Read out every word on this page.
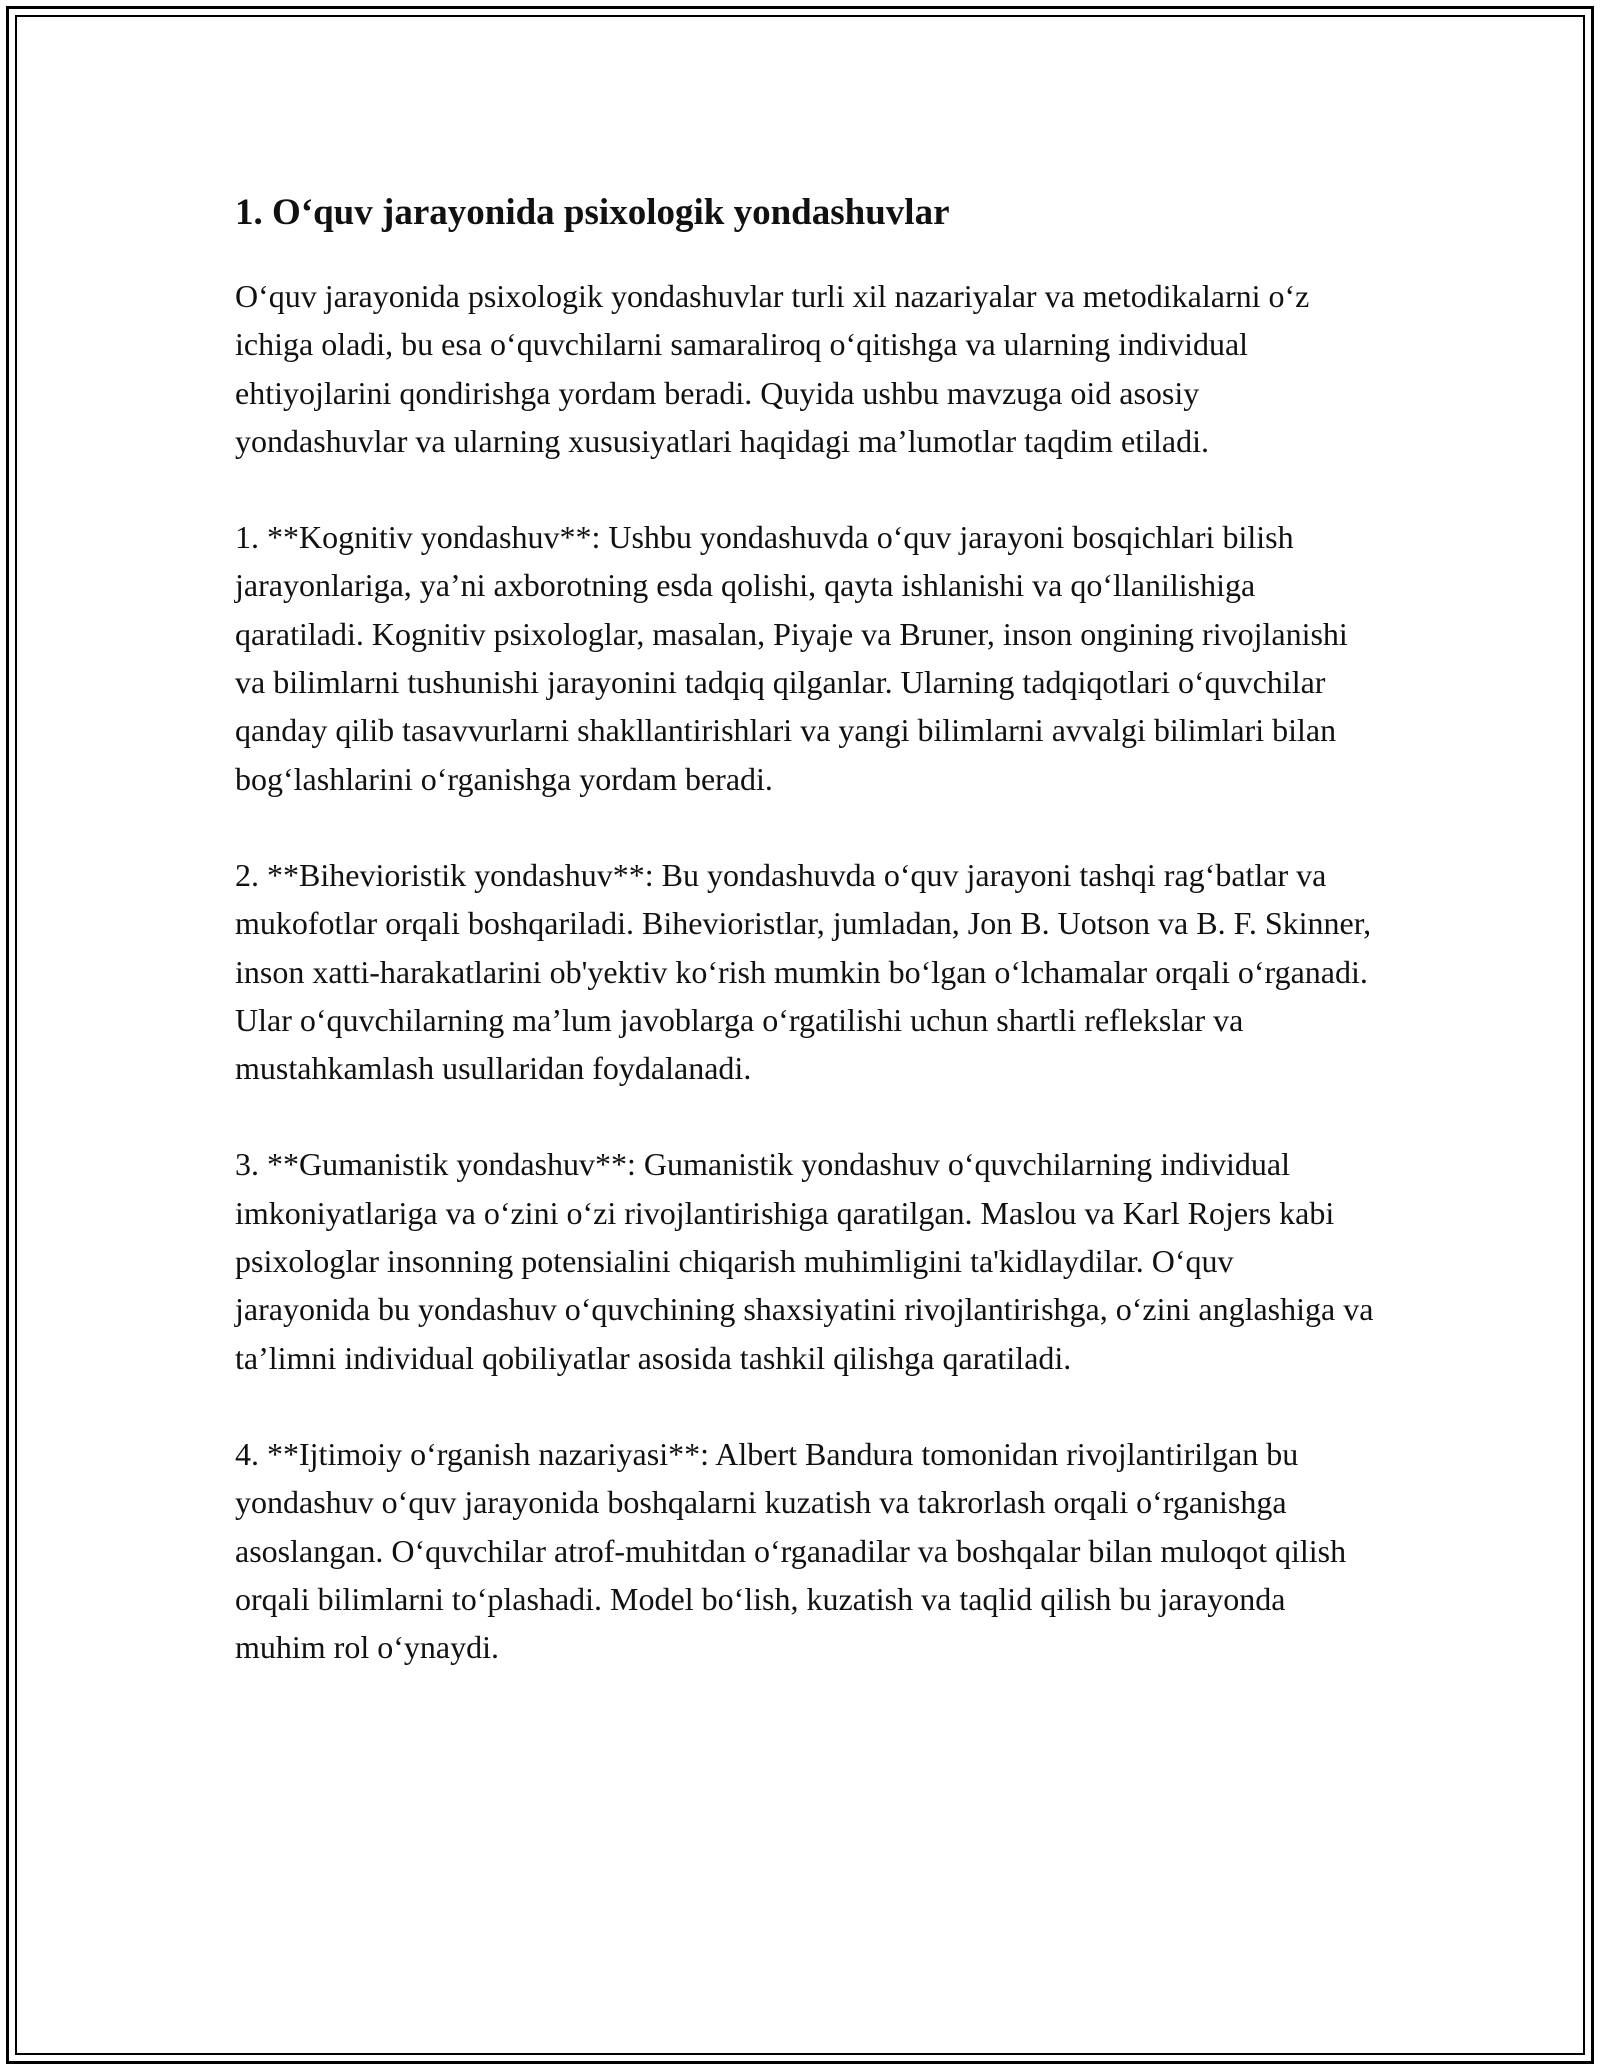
1. O‘quv jarayonida psixologik yondashuvlar

O‘quv jarayonida psixologik yondashuvlar turli xil nazariyalar va metodikalarni o‘z ichiga oladi, bu esa o‘quvchilarni samaraliroq o‘qitishga va ularning individual ehtiyojlarini qondirishga yordam beradi. Quyida ushbu mavzuga oid asosiy yondashuvlar va ularning xususiyatlari haqidagi ma’lumotlar taqdim etiladi.

1. **Kognitiv yondashuv**: Ushbu yondashuvda o‘quv jarayoni bosqichlari bilish jarayonlariga, ya’ni axborotning esda qolishi, qayta ishlanishi va qo‘llanilishiga qaratiladi. Kognitiv psixologlar, masalan, Piyaje va Bruner, inson ongining rivojlanishi va bilimlarni tushunishi jarayonini tadqiq qilganlar. Ularning tadqiqotlari o‘quvchilar qanday qilib tasavvurlarni shakllantirishlari va yangi bilimlarni avvalgi bilimlari bilan bog‘lashlarini o‘rganishga yordam beradi.

2. **Bihevioristik yondashuv**: Bu yondashuvda o‘quv jarayoni tashqi rag‘batlar va mukofotlar orqali boshqariladi. Bihevioristlar, jumladan, Jon B. Uotson va B. F. Skinner, inson xatti-harakatlarini ob'yektiv ko‘rish mumkin bo‘lgan o‘lchamalar orqali o‘rganadi. Ular o‘quvchilarning ma’lum javoblarga o‘rgatilishi uchun shartli reflekslar va mustahkamlash usullaridan foydalanadi.

3. **Gumanistik yondashuv**: Gumanistik yondashuv o‘quvchilarning individual imkoniyatlariga va o‘zini o‘zi rivojlantirishiga qaratilgan. Maslou va Karl Rojers kabi psixologlar insonning potensialini chiqarish muhimligini ta'kidlaydilar. O‘quv jarayonida bu yondashuv o‘quvchining shaxsiyatini rivojlantirishga, o‘zini anglashiga va ta’limni individual qobiliyatlar asosida tashkil qilishga qaratiladi.

4. **Ijtimoiy o‘rganish nazariyasi**: Albert Bandura tomonidan rivojlantirilgan bu yondashuv o‘quv jarayonida boshqalarni kuzatish va takrorlash orqali o‘rganishga asoslangan. O‘quvchilar atrof-muhitdan o‘rganadilar va boshqalar bilan muloqot qilish orqali bilimlarni to‘plashadi. Model bo‘lish, kuzatish va taqlid qilish bu jarayonda muhim rol o‘ynaydi.
